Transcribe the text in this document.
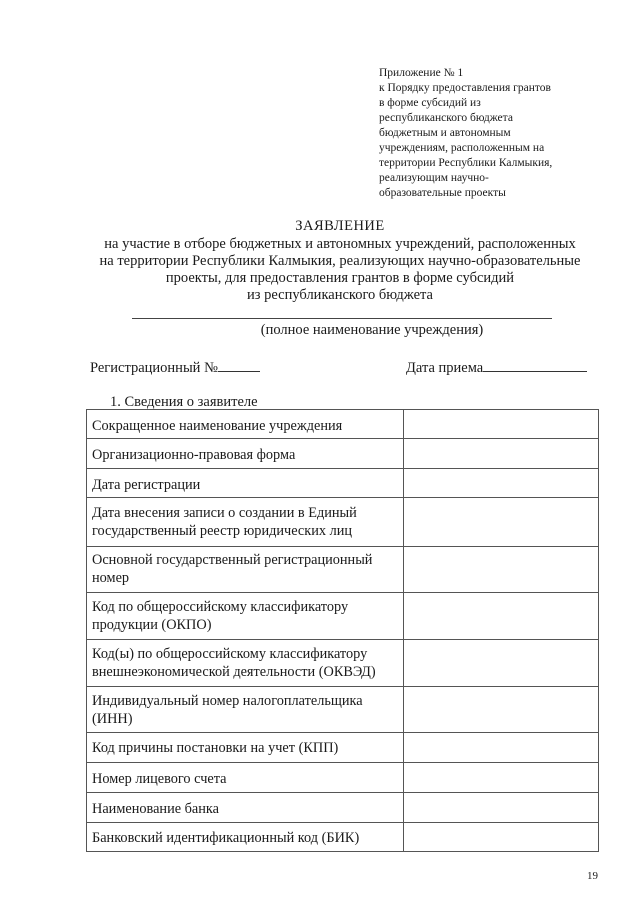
Приложение № 1
к Порядку предоставления грантов
в форме субсидий из
республиканского бюджета
бюджетным и автономным
учреждениям, расположенным на
территории Республики Калмыкия,
реализующим научно-
образовательные проекты
ЗАЯВЛЕНИЕ
на участие в отборе бюджетных и автономных учреждений, расположенных
на территории Республики Калмыкия, реализующих научно-образовательные
проекты, для предоставления грантов в форме субсидий
из республиканского бюджета
(полное наименование учреждения)
Регистрационный №	Дата приема
1. Сведения о заявителе
Сокращенное наименование учреждения	
Организационно-правовая форма	
Дата регистрации	

Дата внесения записи о создании в Единый
государственный реестр юридических лиц	

Основной государственный регистрационный
номер	

Код по общероссийскому классификатору
продукции (ОКПО)	

Код(ы) по общероссийскому классификатору
внешнеэкономической деятельности (ОКВЭД)	

Индивидуальный номер налогоплательщика
(ИНН)	

Код причины постановки на учет (КПП)	
Номер лицевого счета	
Наименование банка	
Банковский идентификационный код (БИК)	
19
